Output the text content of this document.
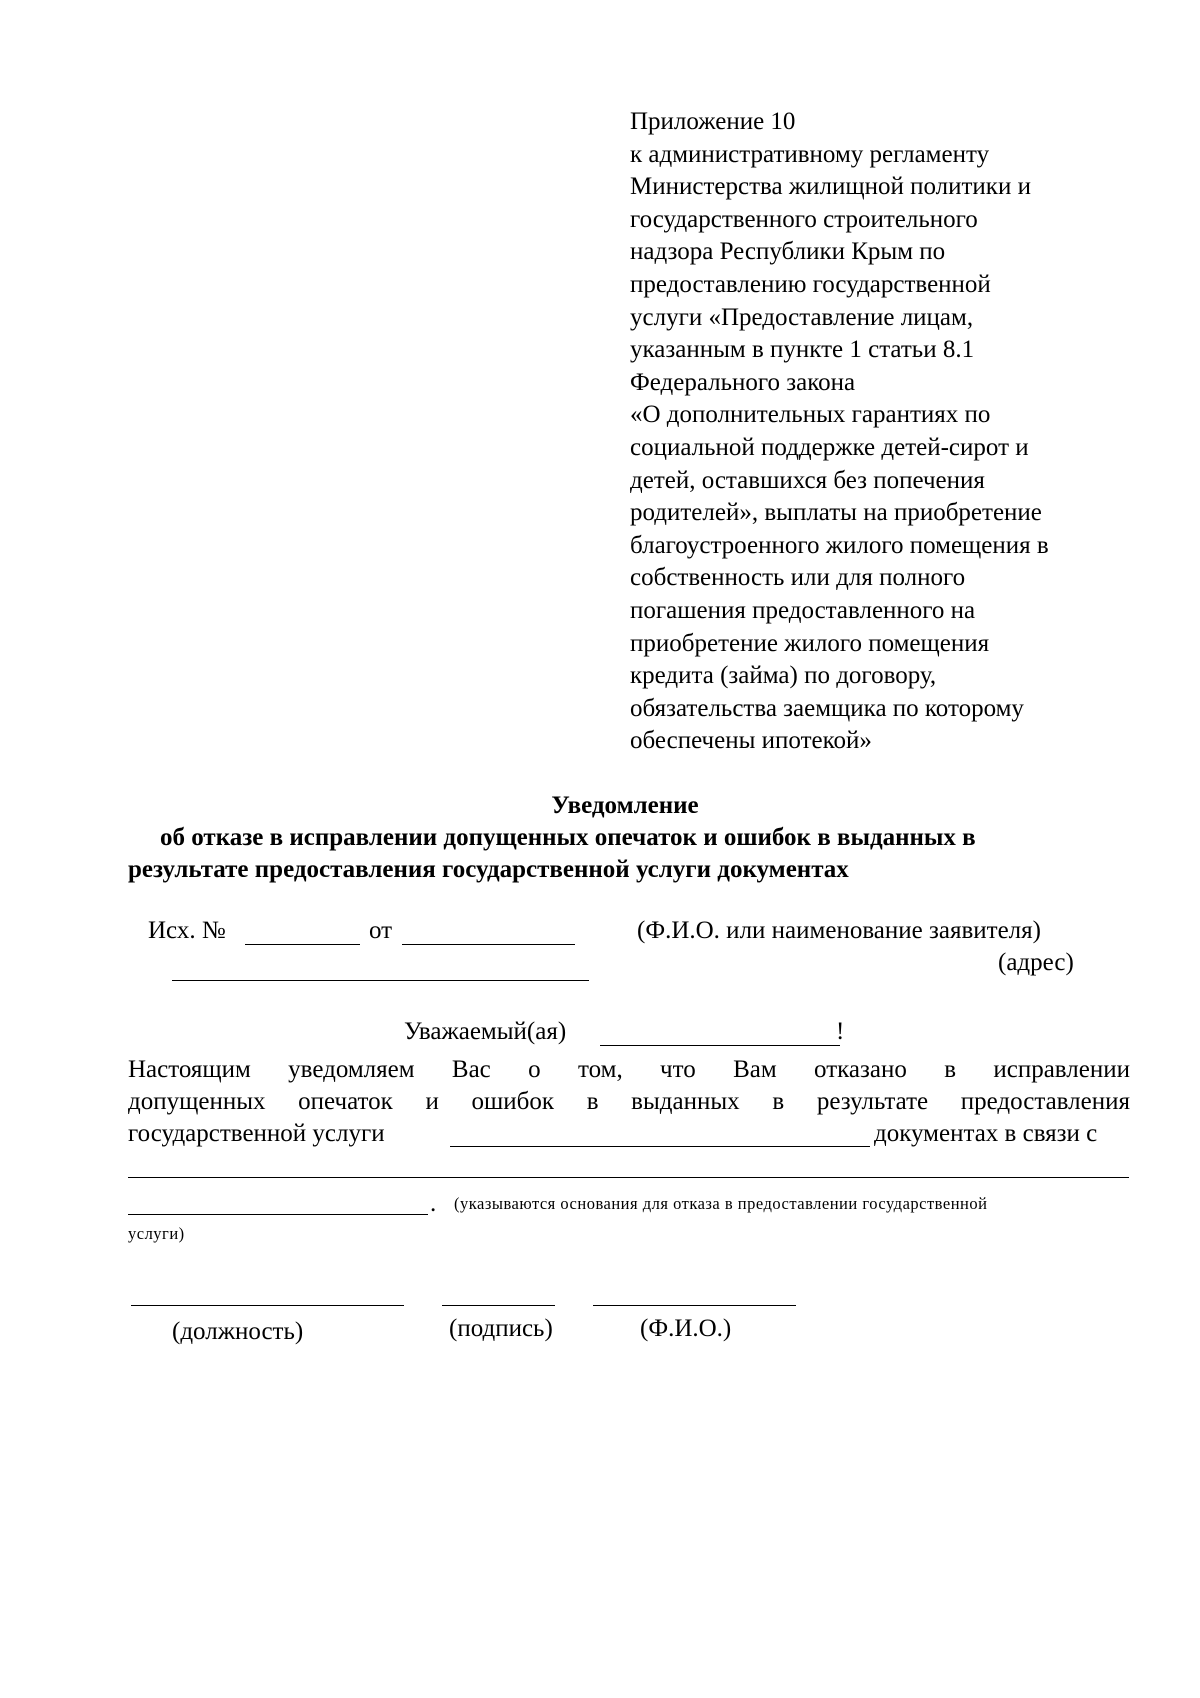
Приложение 10
к административному регламенту
Министерства жилищной политики и
государственного строительного
надзора Республики Крым по
предоставлению государственной
услуги «Предоставление лицам,
указанным в пункте 1 статьи 8.1
Федерального закона
«О дополнительных гарантиях по
социальной поддержке детей-сирот и
детей, оставшихся без попечения
родителей», выплаты на приобретение
благоустроенного жилого помещения в
собственность или для полного
погашения предоставленного на
приобретение жилого помещения
кредита (займа) по договору,
обязательства заемщика по которому
обеспечены ипотекой»
Уведомление
об отказе в исправлении допущенных опечаток и ошибок в выданных в
результате предоставления государственной услуги документах
Исх. №	от	(Ф.И.О. или наименование заявителя)
(адрес)
Уважаемый(ая)	!
Настоящим уведомляем Вас о том, что Вам отказано в исправлении
допущенных опечаток и ошибок в выданных в результате предоставления
государственной услуги	документах в связи с
. (указываются основания для отказа в предоставлении государственной
услуги)
(должность)	(подпись)	(Ф.И.О.)
